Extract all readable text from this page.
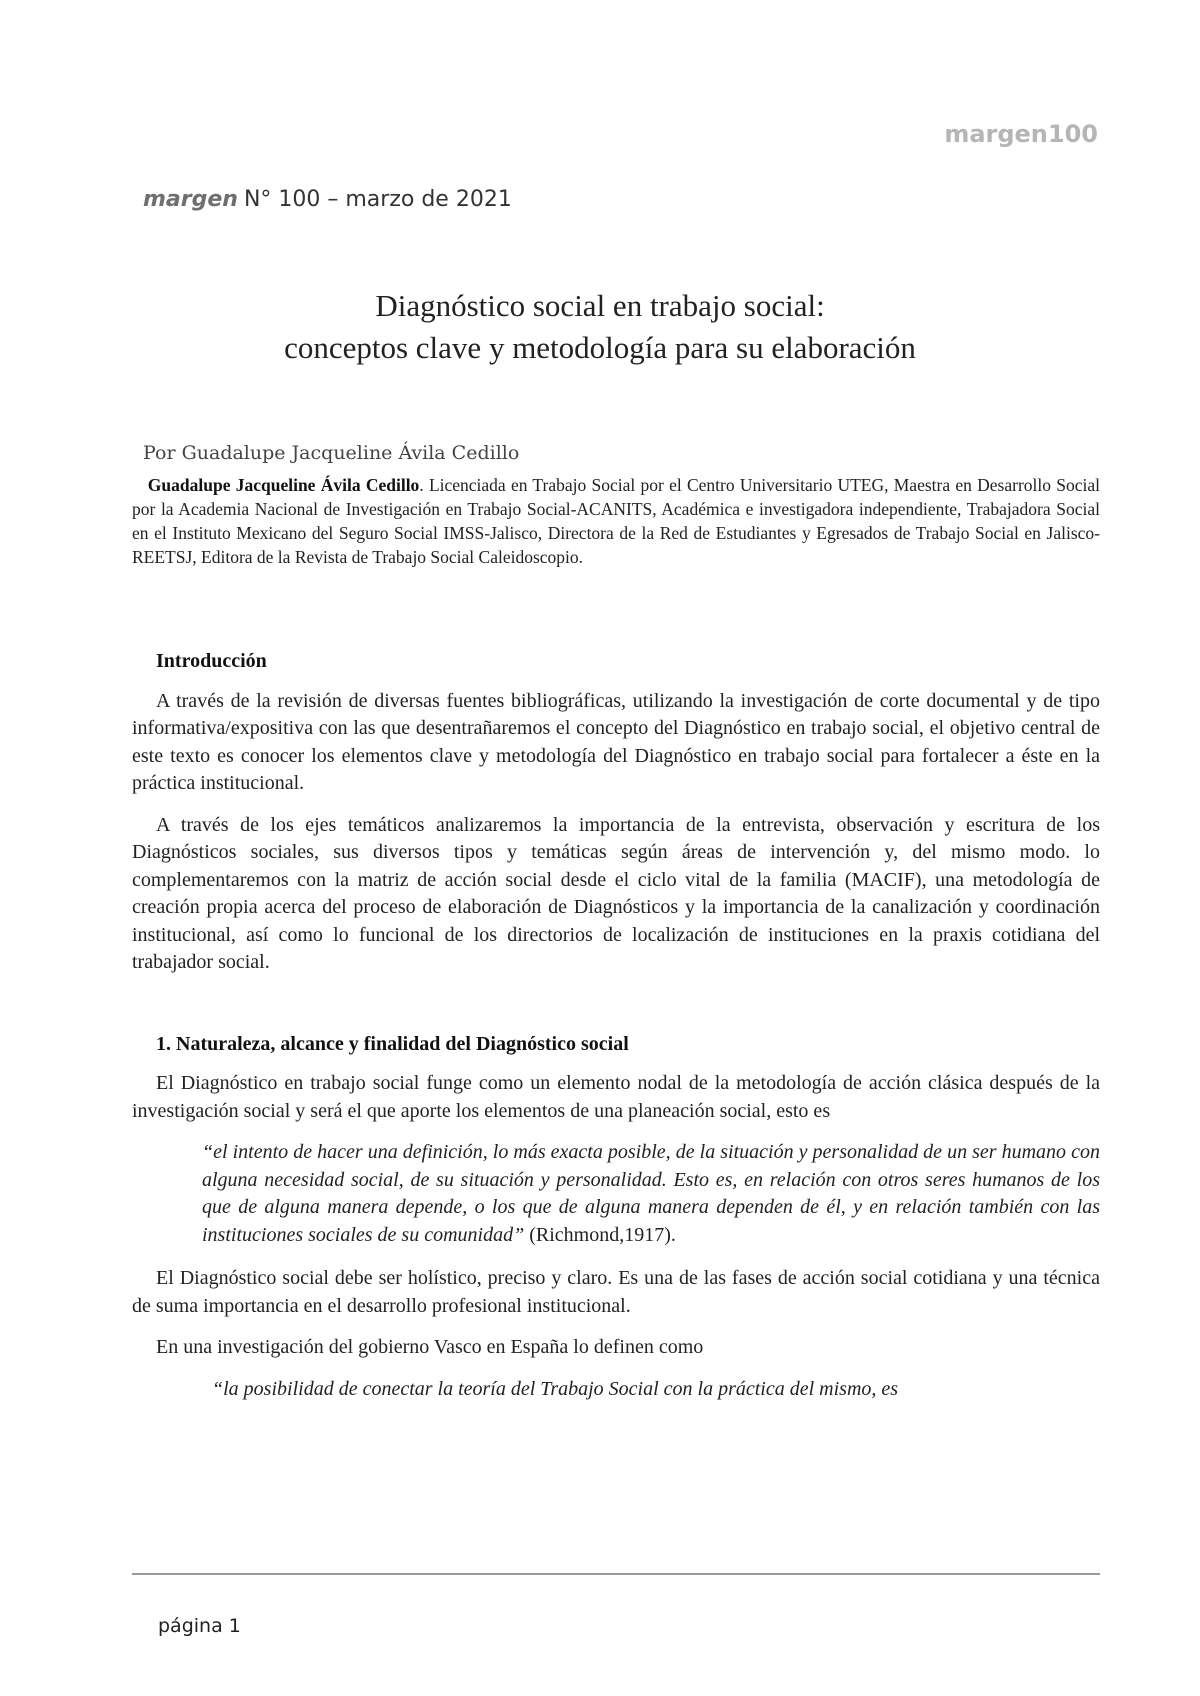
margen100
margen N° 100 – marzo de 2021
Diagnóstico social en trabajo social:
conceptos clave y metodología para su elaboración
Por Guadalupe Jacqueline Ávila Cedillo

Guadalupe Jacqueline Ávila Cedillo. Licenciada en Trabajo Social por el Centro Universitario UTEG, Maestra en Desarrollo Social por la Academia Nacional de Investigación en Trabajo Social-ACANITS, Académica e investigadora independiente, Trabajadora Social en el Instituto Mexicano del Seguro Social IMSS-Jalisco, Directora de la Red de Estudiantes y Egresados de Trabajo Social en Jalisco-REETSJ, Editora de la Revista de Trabajo Social Caleidoscopio.

Introducción

A través de la revisión de diversas fuentes bibliográficas, utilizando la investigación de corte documental y de tipo informativa/expositiva con las que desentrañaremos el concepto del Diagnóstico en trabajo social, el objetivo central de este texto es conocer los elementos clave y metodología del Diagnóstico en trabajo social para fortalecer a éste en la práctica institucional.

A través de los ejes temáticos analizaremos la importancia de la entrevista, observación y escritura de los Diagnósticos sociales, sus diversos tipos y temáticas según áreas de intervención y, del mismo modo. lo complementaremos con la matriz de acción social desde el ciclo vital de la familia (MACIF), una metodología de creación propia acerca del proceso de elaboración de Diagnósticos y la importancia de la canalización y coordinación institucional, así como lo funcional de los directorios de localización de instituciones en la praxis cotidiana del trabajador social.

1. Naturaleza, alcance y finalidad del Diagnóstico social

El Diagnóstico en trabajo social funge como un elemento nodal de la metodología de acción clásica después de la investigación social y será el que aporte los elementos de una planeación social, esto es

“el intento de hacer una definición, lo más exacta posible, de la situación y personalidad de un ser humano con alguna necesidad social, de su situación y personalidad. Esto es, en relación con otros seres humanos de los que de alguna manera depende, o los que de alguna manera dependen de él, y en relación también con las instituciones sociales de su comunidad” (Richmond,1917).

El Diagnóstico social debe ser holístico, preciso y claro. Es una de las fases de acción social cotidiana y una técnica de suma importancia en el desarrollo profesional institucional.

En una investigación del gobierno Vasco en España lo definen como

“la posibilidad de conectar la teoría del Trabajo Social con la práctica del mismo, es
página 1
